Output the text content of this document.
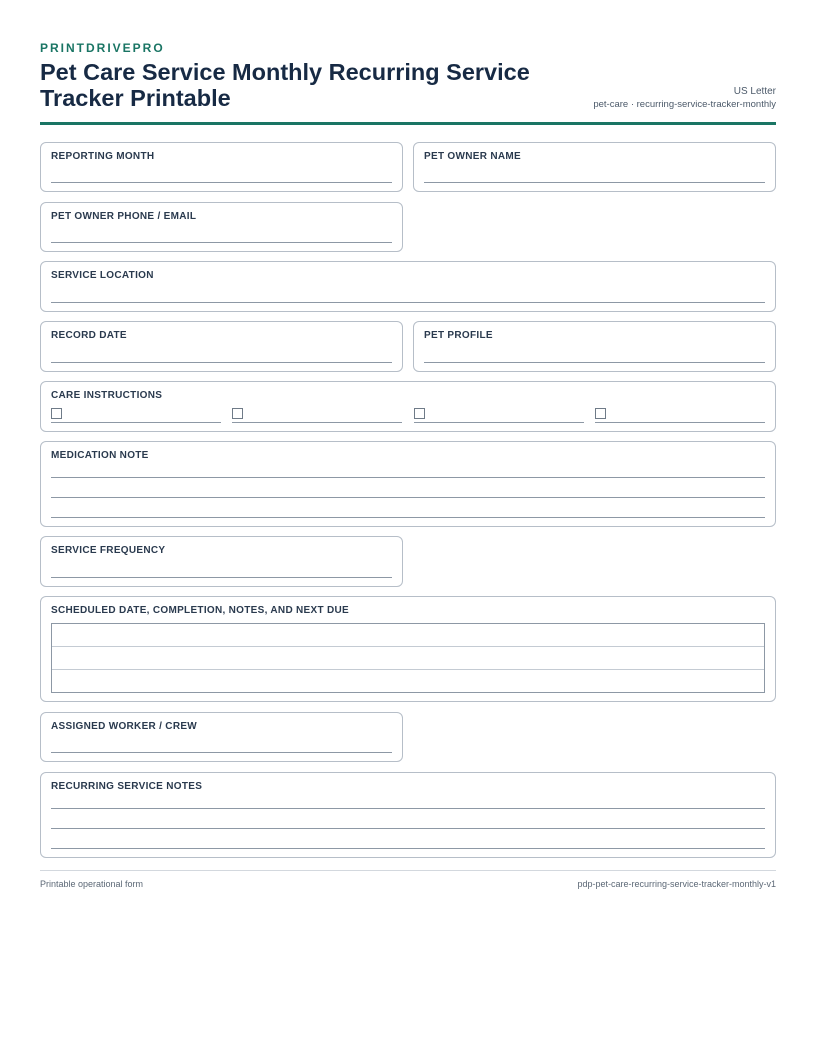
PRINTDRIVEPRO
Pet Care Service Monthly Recurring Service Tracker Printable	US Letter
pet-care · recurring-service-tracker-monthly
REPORTING MONTH	PET OWNER NAME
PET OWNER PHONE / EMAIL
SERVICE LOCATION
RECORD DATE	PET PROFILE
CARE INSTRUCTIONS
MEDICATION NOTE
SERVICE FREQUENCY
SCHEDULED DATE, COMPLETION, NOTES, AND NEXT DUE

ASSIGNED WORKER / CREW
RECURRING SERVICE NOTES
Printable operational form	pdp-pet-care-recurring-service-tracker-monthly-v1
